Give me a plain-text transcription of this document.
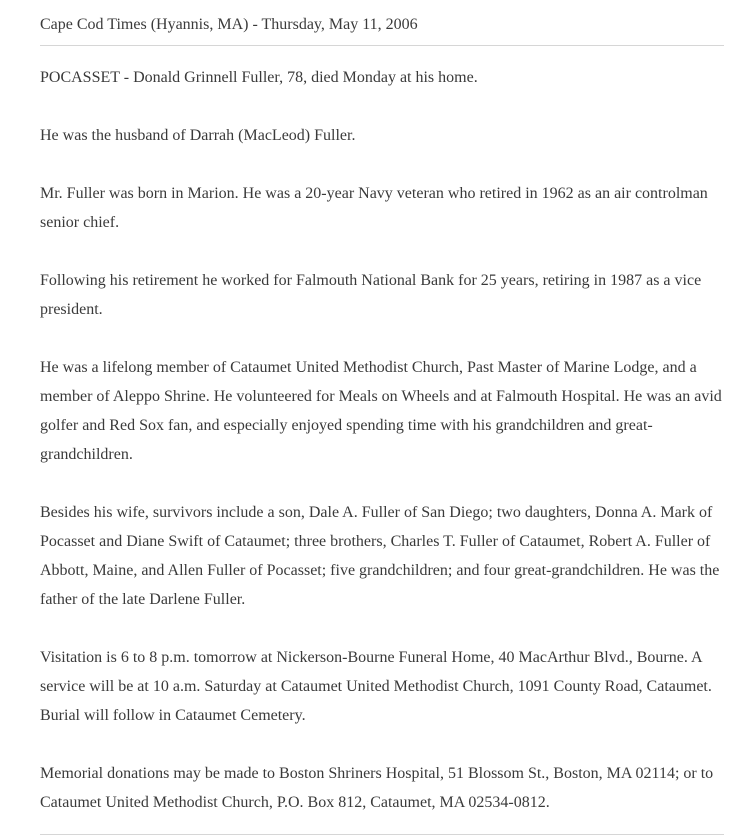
Cape Cod Times (Hyannis, MA) - Thursday, May 11, 2006

POCASSET - Donald Grinnell Fuller, 78, died Monday at his home.

He was the husband of Darrah (MacLeod) Fuller.

Mr. Fuller was born in Marion. He was a 20-year Navy veteran who retired in 1962 as an air controlman senior chief.

Following his retirement he worked for Falmouth National Bank for 25 years, retiring in 1987 as a vice president.

He was a lifelong member of Cataumet United Methodist Church, Past Master of Marine Lodge, and a member of Aleppo Shrine. He volunteered for Meals on Wheels and at Falmouth Hospital. He was an avid golfer and Red Sox fan, and especially enjoyed spending time with his grandchildren and great-grandchildren.

Besides his wife, survivors include a son, Dale A. Fuller of San Diego; two daughters, Donna A. Mark of Pocasset and Diane Swift of Cataumet; three brothers, Charles T. Fuller of Cataumet, Robert A. Fuller of Abbott, Maine, and Allen Fuller of Pocasset; five grandchildren; and four great-grandchildren. He was the father of the late Darlene Fuller.

Visitation is 6 to 8 p.m. tomorrow at Nickerson-Bourne Funeral Home, 40 MacArthur Blvd., Bourne. A service will be at 10 a.m. Saturday at Cataumet United Methodist Church, 1091 County Road, Cataumet. Burial will follow in Cataumet Cemetery.

Memorial donations may be made to Boston Shriners Hospital, 51 Blossom St., Boston, MA 02114; or to Cataumet United Methodist Church, P.O. Box 812, Cataumet, MA 02534-0812.
